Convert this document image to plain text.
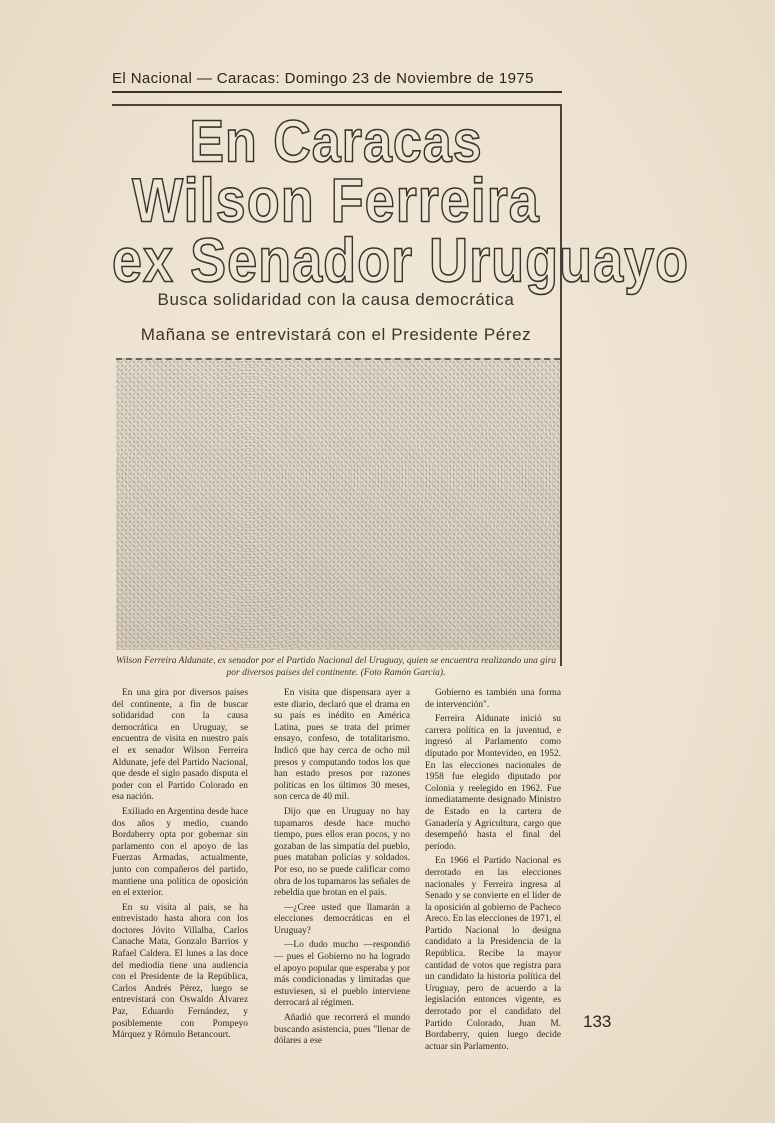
El Nacional — Caracas: Domingo 23 de Noviembre de 1975
En Caracas
Wilson Ferreira
ex Senador Uruguayo
Busca solidaridad con la causa democrática
Mañana se entrevistará con el Presidente Pérez
Wilson Ferreira Aldunate, ex senador por el Partido Nacional del Uruguay, quien se encuentra realizando una gira por diversos países del continente. (Foto Ramón García).

En una gira por diversos países del continente, a fin de buscar solidaridad con la causa democrática en Uruguay, se encuentra de visita en nuestro país el ex senador Wilson Ferreira Aldunate, jefe del Partido Nacional, que desde el siglo pasado disputa el poder con el Partido Colorado en esa nación.

Exiliado en Argentina desde hace dos años y medio, cuando Bordaberry opta por gobernar sin parlamento con el apoyo de las Fuerzas Armadas, actualmente, junto con compañeros del partido, mantiene una política de oposición en el exterior.

En su visita al país, se ha entrevistado hasta ahora con los doctores Jóvito Villalba, Carlos Canache Mata, Gonzalo Barrios y Rafael Caldera. El lunes a las doce del mediodía tiene una audiencia con el Presidente de la República, Carlos Andrés Pérez, luego se entrevistará con Oswaldo Álvarez Paz, Eduardo Fernández, y posiblemente con Pompeyo Márquez y Rómulo Betancourt.

En visita que dispensara ayer a este diario, declaró que el drama en su país es inédito en América Latina, pues se trata del primer ensayo, confeso, de totalitarismo. Indicó que hay cerca de ocho mil presos y computando todos los que han estado presos por razones políticas en los últimos 30 meses, son cerca de 40 mil.

Dijo que en Uruguay no hay tupamaros desde hace mucho tiempo, pues ellos eran pocos, y no gozaban de las simpatía del pueblo, pues mataban policías y soldados. Por eso, no se puede calificar como obra de los tupamaros las señales de rebeldía que brotan en el país.

—¿Cree usted que llamarán a elecciones democráticas en el Uruguay?

—Lo dudo mucho —respondió— pues el Gobierno no ha logrado el apoyo popular que esperaba y por más condicionadas y limitadas que estuviesen, si el pueblo interviene derrocará al régimen.

Añadió que recorrerá el mundo buscando asistencia, pues "llenar de dólares a ese

Gobierno es también una forma de intervención".

Ferreira Aldunate inició su carrera política en la juventud, e ingresó al Parlamento como diputado por Montevideo, en 1952. En las elecciones nacionales de 1958 fue elegido diputado por Colonia y reelegido en 1962. Fue inmediatamente designado Ministro de Estado en la cartera de Ganadería y Agricultura, cargo que desempeñó hasta el final del período.

En 1966 el Partido Nacional es derrotado en las elecciones nacionales y Ferreira ingresa al Senado y se convierte en el líder de la oposición al gobierno de Pacheco Areco. En las elecciones de 1971, el Partido Nacional lo designa candidato a la Presidencia de la República. Recibe la mayor cantidad de votos que registra para un candidato la historia política del Uruguay, pero de acuerdo a la legislación entonces vigente, es derrotado por el candidato del Partido Colorado, Juan M. Bordaberry, quien luego decide actuar sin Parlamento.

133
